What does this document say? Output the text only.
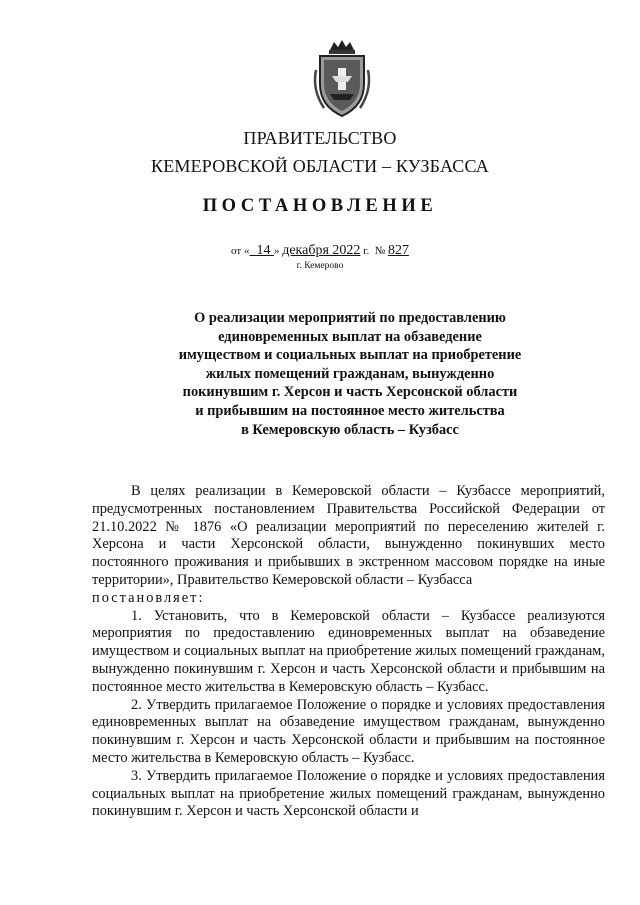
ПРАВИТЕЛЬСТВО
КЕМЕРОВСКОЙ ОБЛАСТИ – КУЗБАССА
ПОСТАНОВЛЕНИЕ
от « 14 » декабря 2022 г. № 827
г. Кемерово
О реализации мероприятий по предоставлению
единовременных выплат на обзаведение
имуществом и социальных выплат на приобретение
жилых помещений гражданам, вынужденно
покинувшим г. Херсон и часть Херсонской области
и прибывшим на постоянное место жительства
в Кемеровскую область – Кузбасс

В целях реализации в Кемеровской области – Кузбассе мероприятий, предусмотренных постановлением Правительства Российской Федерации от 21.10.2022 № 1876 «О реализации мероприятий по переселению жителей г. Херсона и части Херсонской области, вынужденно покинувших место постоянного проживания и прибывших в экстренном массовом порядке на иные территории», Правительство Кемеровской области – Кузбасса

постановляет:

1. Установить, что в Кемеровской области – Кузбассе реализуются мероприятия по предоставлению единовременных выплат на обзаведение имуществом и социальных выплат на приобретение жилых помещений гражданам, вынужденно покинувшим г. Херсон и часть Херсонской области и прибывшим на постоянное место жительства в Кемеровскую область – Кузбасс.

2. Утвердить прилагаемое Положение о порядке и условиях предоставления единовременных выплат на обзаведение имуществом гражданам, вынужденно покинувшим г. Херсон и часть Херсонской области и прибывшим на постоянное место жительства в Кемеровскую область – Кузбасс.

3. Утвердить прилагаемое Положение о порядке и условиях предоставления социальных выплат на приобретение жилых помещений гражданам, вынужденно покинувшим г. Херсон и часть Херсонской области и
